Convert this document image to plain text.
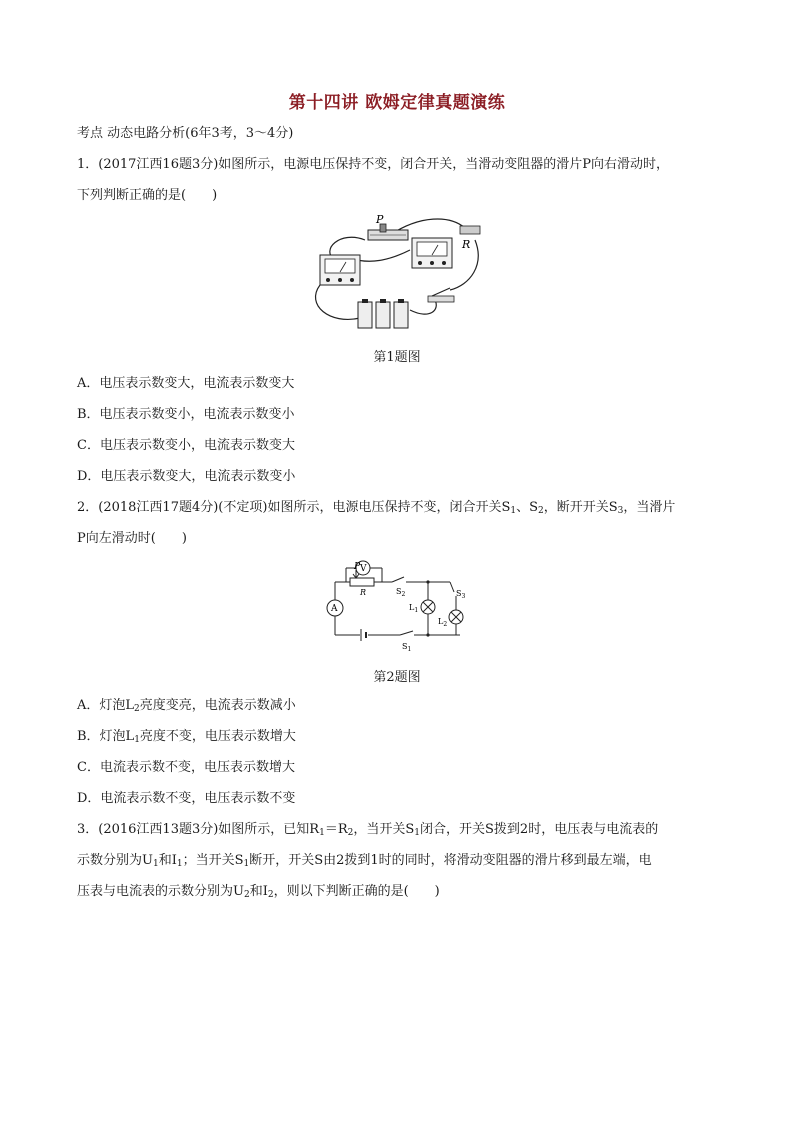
第十四讲 欧姆定律真题演练
考点 动态电路分析(6年3考，3～4分)
1．(2017江西16题3分)如图所示，电源电压保持不变，闭合开关，当滑动变阻器的滑片P向右滑动时，
下列判断正确的是(　　)
P
R
第1题图
A．电压表示数变大，电流表示数变大
B．电压表示数变小，电流表示数变小
C．电压表示数变小，电流表示数变大
D．电压表示数变大，电流表示数变小
2．(2018江西17题4分)(不定项)如图所示，电源电压保持不变，闭合开关$S_1$、$S_2$，断开开关$S_3$，当滑片
P向左滑动时(　　)
P V
R	$S_2$
A	$L_1$
$S_3$
$L_2$
$S_1$
第2题图
A．灯泡$L_2$亮度变亮，电流表示数减小
B．灯泡$L_1$亮度不变，电压表示数增大
C．电流表示数不变，电压表示数增大
D．电流表示数不变，电压表示数不变
3．(2016江西13题3分)如图所示，已知$R_1=R_2$，当开关$S_1$闭合，开关S拨到2时，电压表与电流表的
示数分别为$U_1$和$I_1$；当开关$S_1$断开，开关S由2拨到1时的同时，将滑动变阻器的滑片移到最左端，电
压表与电流表的示数分别为$U_2$和$I_2$，则以下判断正确的是(　　)
